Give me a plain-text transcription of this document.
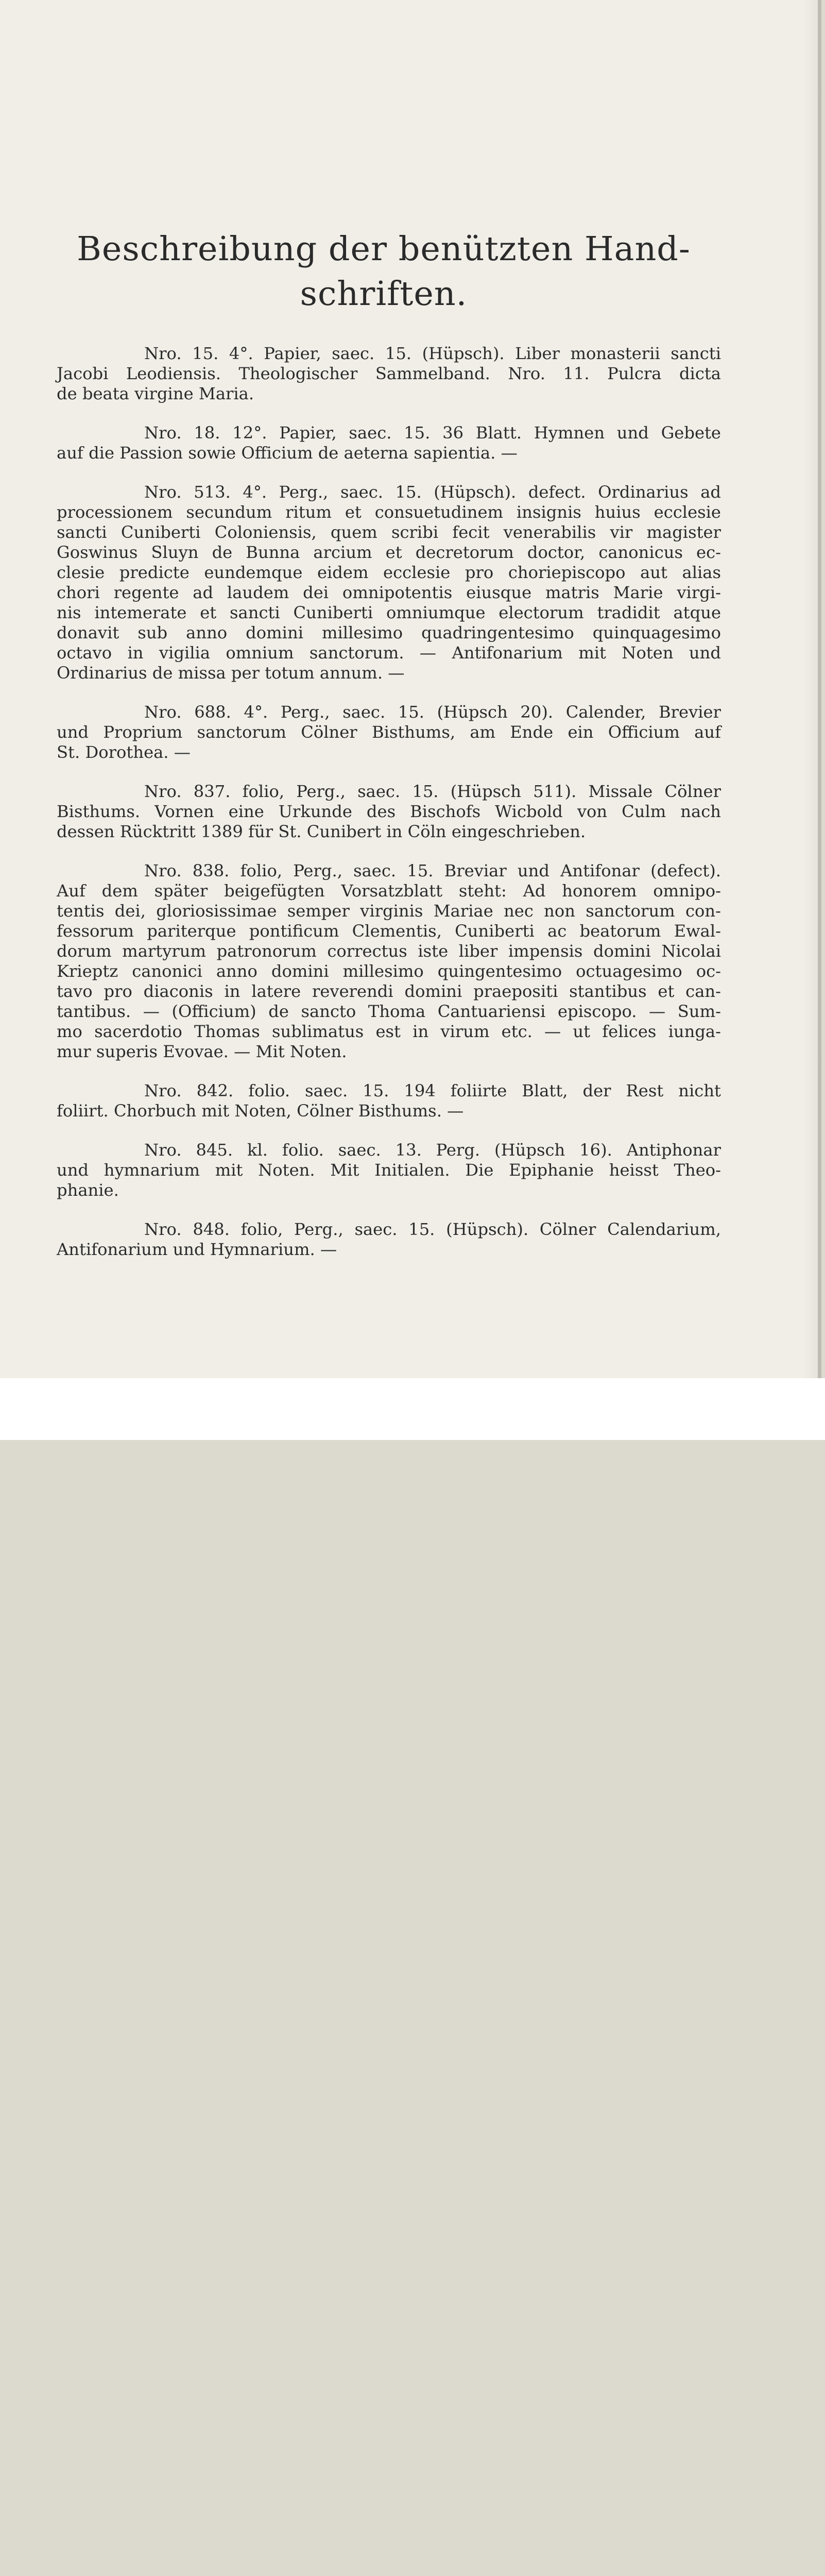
Beschreibung der benützten Hand-
schriften.
Nro. 15. 4°. Papier, saec. 15. (Hüpsch). Liber monasterii sancti
Jacobi Leodiensis. Theologischer Sammelband. Nro. 11. Pulcra dicta
de beata virgine Maria.
Nro. 18. 12°. Papier, saec. 15. 36 Blatt. Hymnen und Gebete
auf die Passion sowie Officium de aeterna sapientia. —
Nro. 513. 4°. Perg., saec. 15. (Hüpsch). defect. Ordinarius ad
processionem secundum ritum et consuetudinem insignis huius ecclesie
sancti Cuniberti Coloniensis, quem scribi fecit venerabilis vir magister
Goswinus Sluyn de Bunna arcium et decretorum doctor, canonicus ec-
clesie predicte eundemque eidem ecclesie pro choriepiscopo aut alias
chori regente ad laudem dei omnipotentis eiusque matris Marie virgi-
nis intemerate et sancti Cuniberti omniumque electorum tradidit atque
donavit sub anno domini millesimo quadringentesimo quinquagesimo
octavo in vigilia omnium sanctorum. — Antifonarium mit Noten und
Ordinarius de missa per totum annum. —
Nro. 688. 4°. Perg., saec. 15. (Hüpsch 20). Calender, Brevier
und Proprium sanctorum Cölner Bisthums, am Ende ein Officium auf
St. Dorothea. —
Nro. 837. folio, Perg., saec. 15. (Hüpsch 511). Missale Cölner
Bisthums. Vornen eine Urkunde des Bischofs Wicbold von Culm nach
dessen Rücktritt 1389 für St. Cunibert in Cöln eingeschrieben.
Nro. 838. folio, Perg., saec. 15. Breviar und Antifonar (defect).
Auf dem später beigefügten Vorsatzblatt steht: Ad honorem omnipo-
tentis dei, gloriosissimae semper virginis Mariae nec non sanctorum con-
fessorum pariterque pontificum Clementis, Cuniberti ac beatorum Ewal-
dorum martyrum patronorum correctus iste liber impensis domini Nicolai
Krieptz canonici anno domini millesimo quingentesimo octuagesimo oc-
tavo pro diaconis in latere reverendi domini praepositi stantibus et can-
tantibus. — (Officium) de sancto Thoma Cantuariensi episcopo. — Sum-
mo sacerdotio Thomas sublimatus est in virum etc. — ut felices iunga-
mur superis Evovae. — Mit Noten.
Nro. 842. folio. saec. 15. 194 foliirte Blatt, der Rest nicht
foliirt. Chorbuch mit Noten, Cölner Bisthums. —
Nro. 845. kl. folio. saec. 13. Perg. (Hüpsch 16). Antiphonar
und hymnarium mit Noten. Mit Initialen. Die Epiphanie heisst Theo-
phanie.
Nro. 848. folio, Perg., saec. 15. (Hüpsch). Cölner Calendarium,
Antifonarium und Hymnarium. —
